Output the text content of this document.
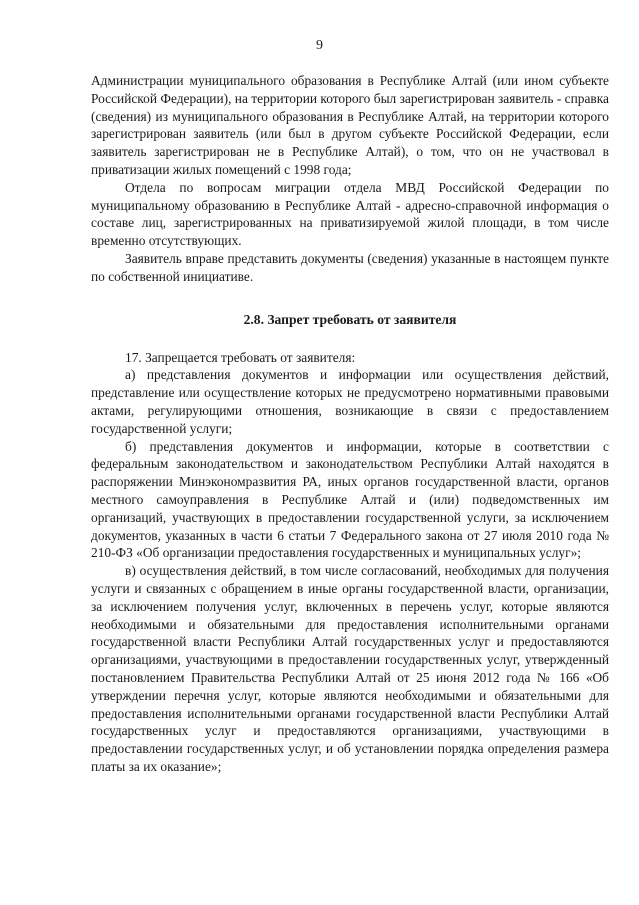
9

Администрации муниципального образования в Республике Алтай (или ином субъекте Российской Федерации), на территории которого был зарегистрирован заявитель - справка (сведения) из муниципального образования в Республике Алтай, на территории которого зарегистрирован заявитель (или был в другом субъекте Российской Федерации, если заявитель зарегистрирован не в Республике Алтай), о том, что он не участвовал в приватизации жилых помещений с 1998 года;

Отдела по вопросам миграции отдела МВД Российской Федерации по муниципальному образованию в Республике Алтай - адресно-справочной информация о составе лиц, зарегистрированных на приватизируемой жилой площади, в том числе временно отсутствующих.

Заявитель вправе представить документы (сведения) указанные в настоящем пункте по собственной инициативе.

2.8. Запрет требовать от заявителя

17. Запрещается требовать от заявителя:

а) представления документов и информации или осуществления действий, представление или осуществление которых не предусмотрено нормативными правовыми актами, регулирующими отношения, возникающие в связи с предоставлением государственной услуги;

б) представления документов и информации, которые в соответствии с федеральным законодательством и законодательством Республики Алтай находятся в распоряжении Минэкономразвития РА, иных органов государственной власти, органов местного самоуправления в Республике Алтай и (или) подведомственных им организаций, участвующих в предоставлении государственной услуги, за исключением документов, указанных в части 6 статьи 7 Федерального закона от 27 июля 2010 года № 210-ФЗ «Об организации предоставления государственных и муниципальных услуг»;

в) осуществления действий, в том числе согласований, необходимых для получения услуги и связанных с обращением в иные органы государственной власти, организации, за исключением получения услуг, включенных в перечень услуг, которые являются необходимыми и обязательными для предоставления исполнительными органами государственной власти Республики Алтай государственных услуг и предоставляются организациями, участвующими в предоставлении государственных услуг, утвержденный постановлением Правительства Республики Алтай от 25 июня 2012 года № 166 «Об утверждении перечня услуг, которые являются необходимыми и обязательными для предоставления исполнительными органами государственной власти Республики Алтай государственных услуг и предоставляются организациями, участвующими в предоставлении государственных услуг, и об установлении порядка определения размера платы за их оказание»;
